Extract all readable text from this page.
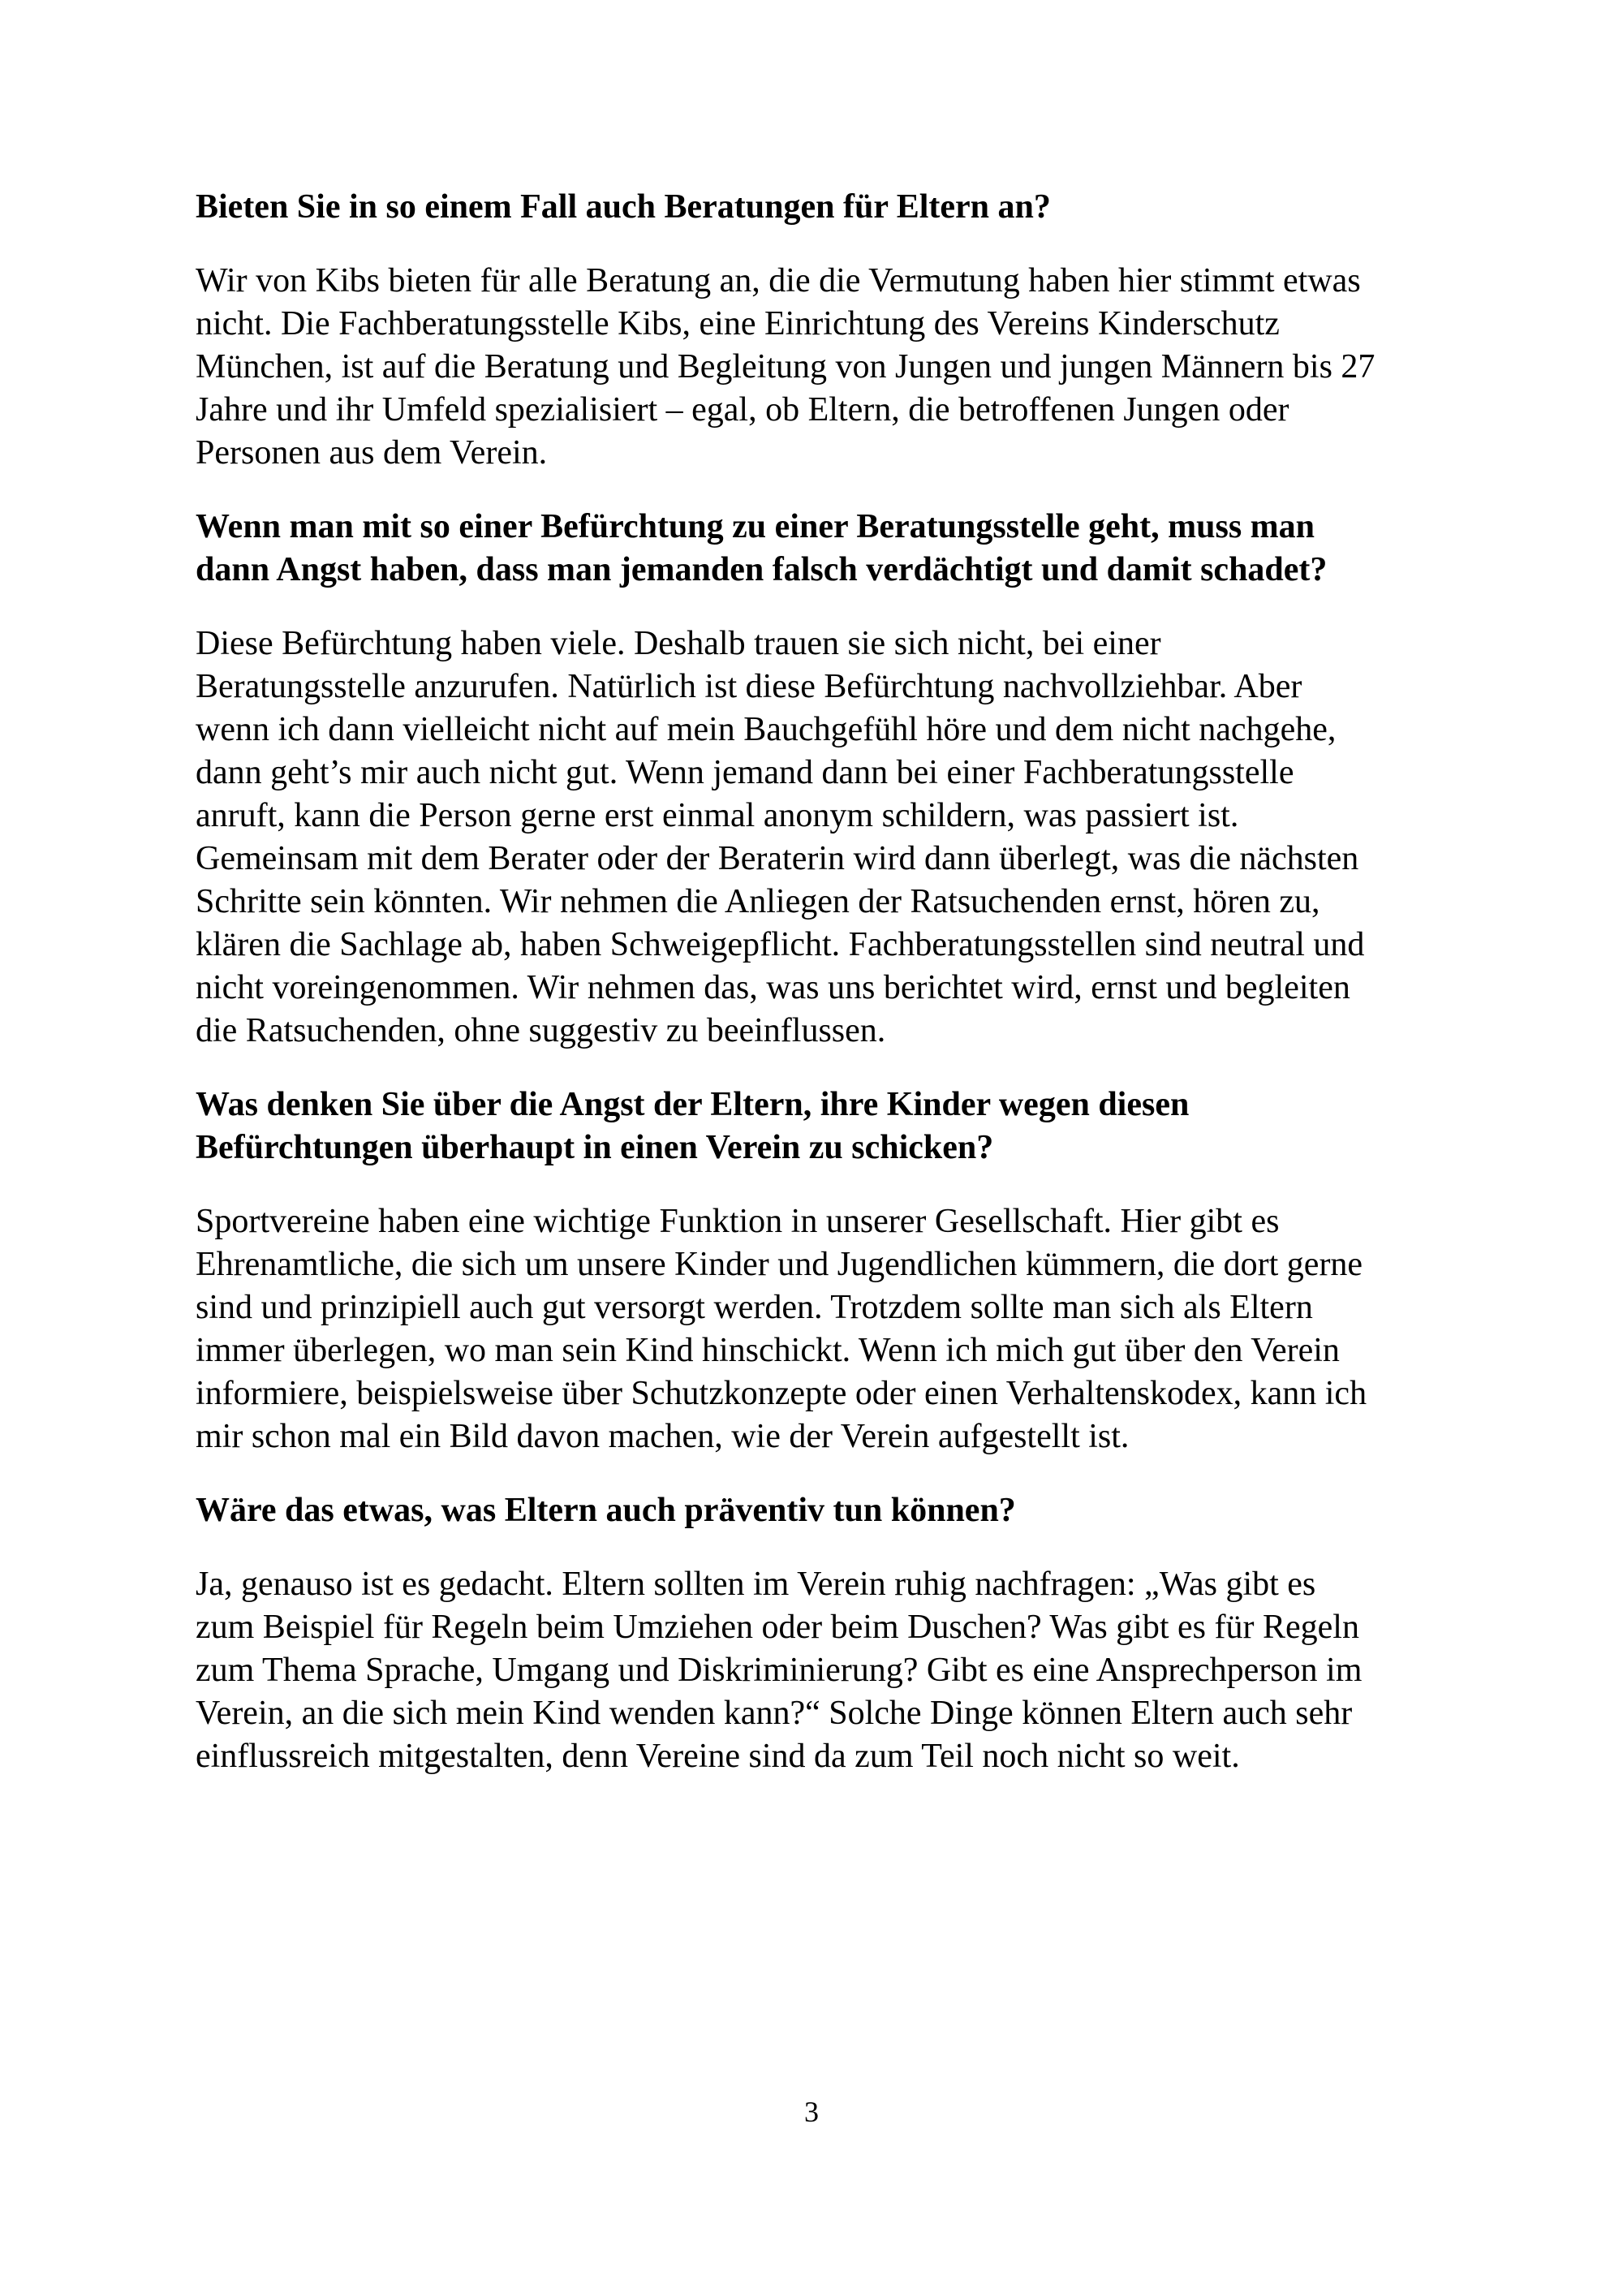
Bieten Sie in so einem Fall auch Beratungen für Eltern an?

Wir von Kibs bieten für alle Beratung an, die die Vermutung haben hier stimmt etwas
nicht. Die Fachberatungsstelle Kibs, eine Einrichtung des Vereins Kinderschutz
München, ist auf die Beratung und Begleitung von Jungen und jungen Männern bis 27
Jahre und ihr Umfeld spezialisiert – egal, ob Eltern, die betroffenen Jungen oder
Personen aus dem Verein.

Wenn man mit so einer Befürchtung zu einer Beratungsstelle geht, muss man
dann Angst haben, dass man jemanden falsch verdächtigt und damit schadet?

Diese Befürchtung haben viele. Deshalb trauen sie sich nicht, bei einer
Beratungsstelle anzurufen. Natürlich ist diese Befürchtung nachvollziehbar. Aber
wenn ich dann vielleicht nicht auf mein Bauchgefühl höre und dem nicht nachgehe,
dann geht’s mir auch nicht gut. Wenn jemand dann bei einer Fachberatungsstelle
anruft, kann die Person gerne erst einmal anonym schildern, was passiert ist.
Gemeinsam mit dem Berater oder der Beraterin wird dann überlegt, was die nächsten
Schritte sein könnten. Wir nehmen die Anliegen der Ratsuchenden ernst, hören zu,
klären die Sachlage ab, haben Schweigepflicht. Fachberatungsstellen sind neutral und
nicht voreingenommen. Wir nehmen das, was uns berichtet wird, ernst und begleiten
die Ratsuchenden, ohne suggestiv zu beeinflussen.

Was denken Sie über die Angst der Eltern, ihre Kinder wegen diesen
Befürchtungen überhaupt in einen Verein zu schicken?

Sportvereine haben eine wichtige Funktion in unserer Gesellschaft. Hier gibt es
Ehrenamtliche, die sich um unsere Kinder und Jugendlichen kümmern, die dort gerne
sind und prinzipiell auch gut versorgt werden. Trotzdem sollte man sich als Eltern
immer überlegen, wo man sein Kind hinschickt. Wenn ich mich gut über den Verein
informiere, beispielsweise über Schutzkonzepte oder einen Verhaltenskodex, kann ich
mir schon mal ein Bild davon machen, wie der Verein aufgestellt ist.

Wäre das etwas, was Eltern auch präventiv tun können?

Ja, genauso ist es gedacht. Eltern sollten im Verein ruhig nachfragen: „Was gibt es
zum Beispiel für Regeln beim Umziehen oder beim Duschen? Was gibt es für Regeln
zum Thema Sprache, Umgang und Diskriminierung? Gibt es eine Ansprechperson im
Verein, an die sich mein Kind wenden kann?“ Solche Dinge können Eltern auch sehr
einflussreich mitgestalten, denn Vereine sind da zum Teil noch nicht so weit.

3
